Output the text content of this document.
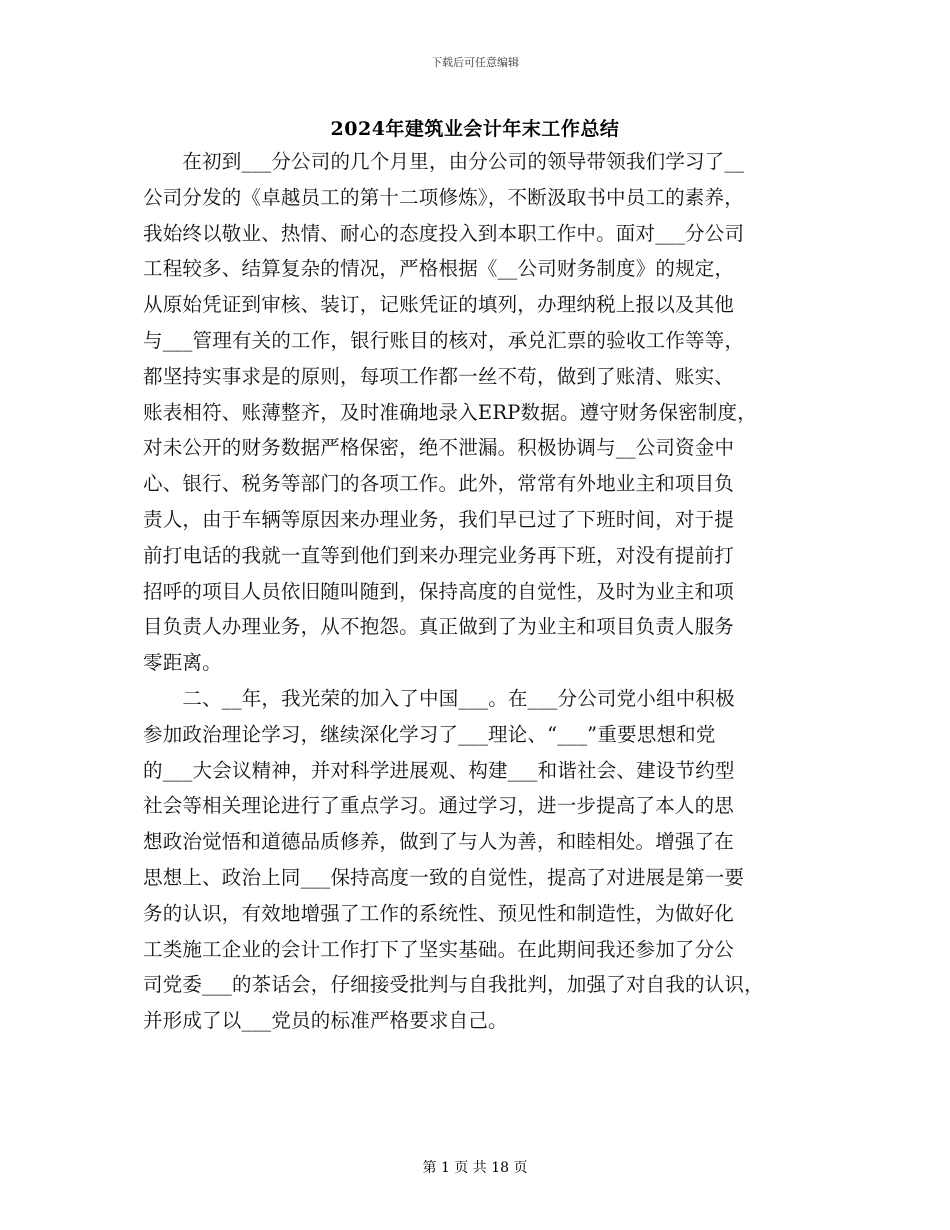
下载后可任意编辑
2024年建筑业会计年末工作总结
　　在初到___分公司的几个月里，由分公司的领导带领我们学习了__
公司分发的《卓越员工的第十二项修炼》，不断汲取书中员工的素养，
我始终以敬业、热情、耐心的态度投入到本职工作中。面对___分公司
工程较多、结算复杂的情况，严格根据《__公司财务制度》的规定，
从原始凭证到审核、装订，记账凭证的填列，办理纳税上报以及其他
与___管理有关的工作，银行账目的核对，承兑汇票的验收工作等等，
都坚持实事求是的原则，每项工作都一丝不苟，做到了账清、账实、
账表相符、账薄整齐，及时准确地录入ERP数据。遵守财务保密制度，
对未公开的财务数据严格保密，绝不泄漏。积极协调与__公司资金中
心、银行、税务等部门的各项工作。此外，常常有外地业主和项目负
责人，由于车辆等原因来办理业务，我们早已过了下班时间，对于提
前打电话的我就一直等到他们到来办理完业务再下班，对没有提前打
招呼的项目人员依旧随叫随到，保持高度的自觉性，及时为业主和项
目负责人办理业务，从不抱怨。真正做到了为业主和项目负责人服务
零距离。
　　二、__年，我光荣的加入了中国___。在___分公司党小组中积极
参加政治理论学习，继续深化学习了___理论、“___”重要思想和党
的___大会议精神，并对科学进展观、构建___和谐社会、建设节约型
社会等相关理论进行了重点学习。通过学习，进一步提高了本人的思
想政治觉悟和道德品质修养，做到了与人为善，和睦相处。增强了在
思想上、政治上同___保持高度一致的自觉性，提高了对进展是第一要
务的认识，有效地增强了工作的系统性、预见性和制造性，为做好化
工类施工企业的会计工作打下了坚实基础。在此期间我还参加了分公
司党委___的茶话会，仔细接受批判与自我批判，加强了对自我的认识，
并形成了以___党员的标准严格要求自己。
第 1 页 共 18 页
